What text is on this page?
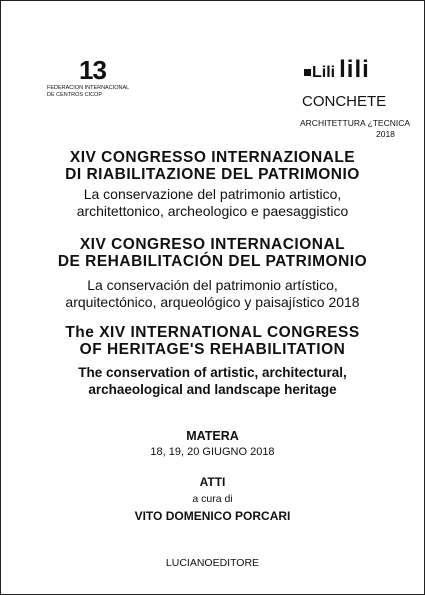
13
FEDERACION INTERNACIONAL
DE CENTROS CICOP
Lili lili
CONCHETE
ARCHITETTURA ¿TECNICA
2018
XIV CONGRESSO INTERNAZIONALE
DI RIABILITAZIONE DEL PATRIMONIO
La conservazione del patrimonio artistico,
architettonico, archeologico e paesaggistico
XIV CONGRESO INTERNACIONAL
DE REHABILITACIÓN DEL PATRIMONIO
La conservación del patrimonio artístico,
arquitectónico, arqueológico y paisajístico 2018
The XIV INTERNATIONAL CONGRESS
OF HERITAGE'S REHABILITATION
The conservation of artistic, architectural,
archaeological and landscape heritage
MATERA
18, 19, 20 GIUGNO 2018
ATTI
a cura di
VITO DOMENICO PORCARI
LUCIANOEDITORE
